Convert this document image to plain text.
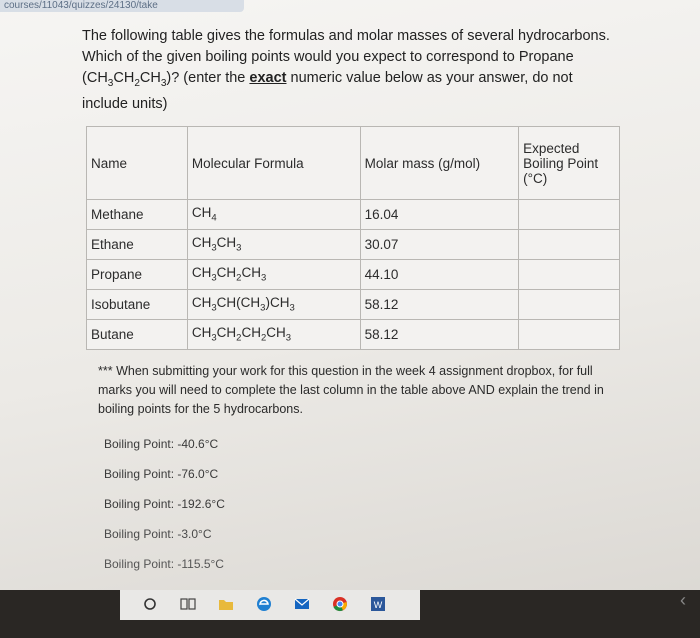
courses/11043/quizzes/24130/take
The following table gives the formulas and molar masses of several hydrocarbons. Which of the given boiling points would you expect to correspond to Propane $(CH_3CH_2CH_3)$? (enter the exact numeric value below as your answer, do not include units)
Name	Molecular Formula	Molar mass (g/mol)	Expected Boiling Point (°C)
Methane	$CH_4$	16.04	
Ethane	$CH_3CH_3$	30.07	
Propane	$CH_3CH_2CH_3$	44.10	
Isobutane	$CH_3CH(CH_3)CH_3$	58.12	
Butane	$CH_3CH_2CH_2CH_3$	58.12	
*** When submitting your work for this question in the week 4 assignment dropbox, for full marks you will need to complete the last column in the table above AND explain the trend in boiling points for the 5 hydrocarbons.
Boiling Point: -40.6°C
Boiling Point: -76.0°C
Boiling Point: -192.6°C
Boiling Point: -3.0°C
Boiling Point: -115.5°C
W	‹
